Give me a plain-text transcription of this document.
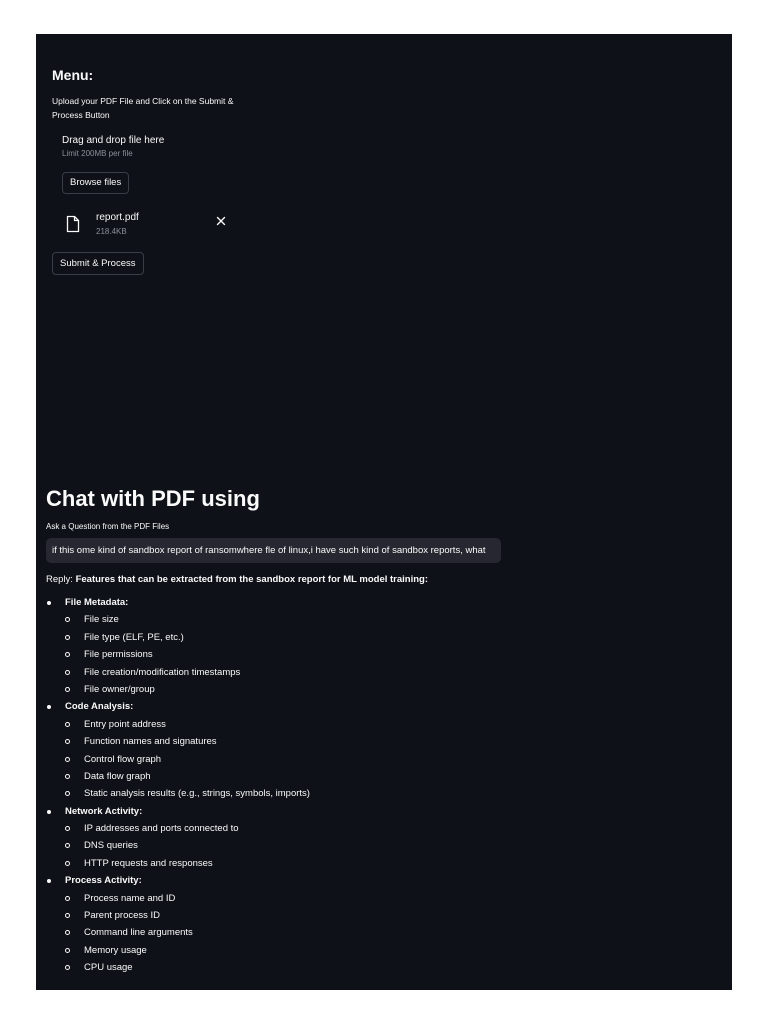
Menu:
Upload your PDF File and Click on the Submit & Process Button
Drag and drop file here
Limit 200MB per file
Browse files
report.pdf
218.4KB
Submit & Process
Chat with PDF using
Ask a Question from the PDF Files
if this ome kind of sandbox report of ransomwhere fle of linux,i have such kind of sandbox reports, what
Reply: Features that can be extracted from the sandbox report for ML model training:
File Metadata:
File size
File type (ELF, PE, etc.)
File permissions
File creation/modification timestamps
File owner/group
Code Analysis:
Entry point address
Function names and signatures
Control flow graph
Data flow graph
Static analysis results (e.g., strings, symbols, imports)
Network Activity:
IP addresses and ports connected to
DNS queries
HTTP requests and responses
Process Activity:
Process name and ID
Parent process ID
Command line arguments
Memory usage
CPU usage
